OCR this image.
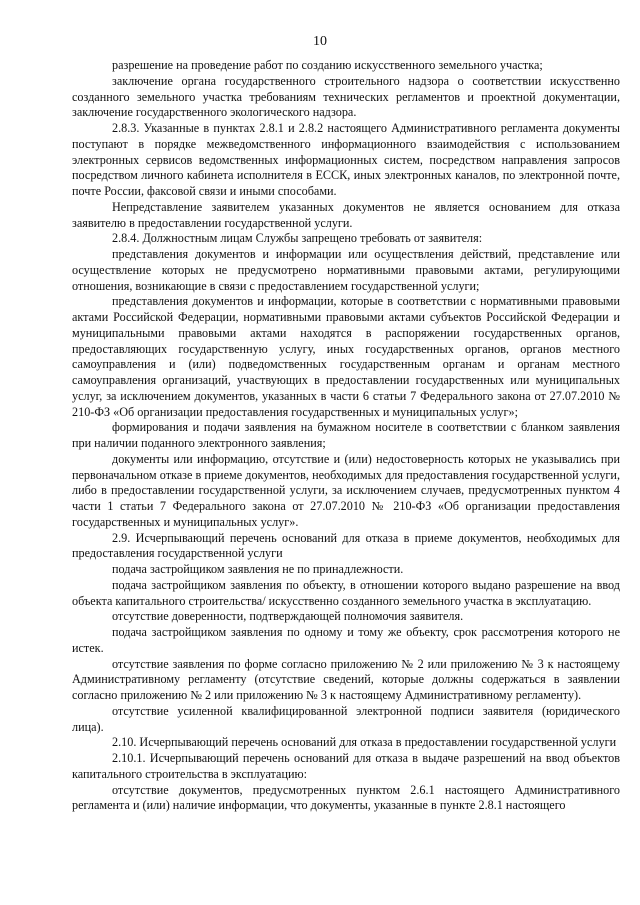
10

разрешение на проведение работ по созданию искусственного земельного участка;

заключение органа государственного строительного надзора о соответствии искусственно созданного земельного участка требованиям технических регламентов и проектной документации, заключение государственного экологического надзора.

2.8.3. Указанные в пунктах 2.8.1 и 2.8.2 настоящего Административного регламента документы поступают в порядке межведомственного информационного взаимодействия с использованием электронных сервисов ведомственных информационных систем, посредством направления запросов посредством личного кабинета исполнителя в ЕССК, иных электронных каналов, по электронной почте, почте России, факсовой связи и иными способами.

Непредставление заявителем указанных документов не является основанием для отказа заявителю в предоставлении государственной услуги.

2.8.4. Должностным лицам Службы запрещено требовать от заявителя:

представления документов и информации или осуществления действий, представление или осуществление которых не предусмотрено нормативными правовыми актами, регулирующими отношения, возникающие в связи с предоставлением государственной услуги;

представления документов и информации, которые в соответствии с нормативными правовыми актами Российской Федерации, нормативными правовыми актами субъектов Российской Федерации и муниципальными правовыми актами находятся в распоряжении государственных органов, предоставляющих государственную услугу, иных государственных органов, органов местного самоуправления и (или) подведомственных государственным органам и органам местного самоуправления организаций, участвующих в предоставлении государственных или муниципальных услуг, за исключением документов, указанных в части 6 статьи 7 Федерального закона от 27.07.2010 № 210-ФЗ «Об организации предоставления государственных и муниципальных услуг»;

формирования и подачи заявления на бумажном носителе в соответствии с бланком заявления при наличии поданного электронного заявления;

документы или информацию, отсутствие и (или) недостоверность которых не указывались при первоначальном отказе в приеме документов, необходимых для предоставления государственной услуги, либо в предоставлении государственной услуги, за исключением случаев, предусмотренных пунктом 4 части 1 статьи 7 Федерального закона от 27.07.2010 № 210-ФЗ «Об организации предоставления государственных и муниципальных услуг».

2.9. Исчерпывающий перечень оснований для отказа в приеме документов, необходимых для предоставления государственной услуги

подача застройщиком заявления не по принадлежности.

подача застройщиком заявления по объекту, в отношении которого выдано разрешение на ввод объекта капитального строительства/ искусственно созданного земельного участка в эксплуатацию.

отсутствие доверенности, подтверждающей полномочия заявителя.

подача застройщиком заявления по одному и тому же объекту, срок рассмотрения которого не истек.

отсутствие заявления по форме согласно приложению № 2 или приложению № 3 к настоящему Административному регламенту (отсутствие сведений, которые должны содержаться в заявлении согласно приложению № 2 или приложению № 3 к настоящему Административному регламенту).

отсутствие усиленной квалифицированной электронной подписи заявителя (юридического лица).

2.10. Исчерпывающий перечень оснований для отказа в предоставлении государственной услуги

2.10.1. Исчерпывающий перечень оснований для отказа в выдаче разрешений на ввод объектов капитального строительства в эксплуатацию:

отсутствие документов, предусмотренных пунктом 2.6.1 настоящего Административного регламента и (или) наличие информации, что документы, указанные в пункте 2.8.1 настоящего
